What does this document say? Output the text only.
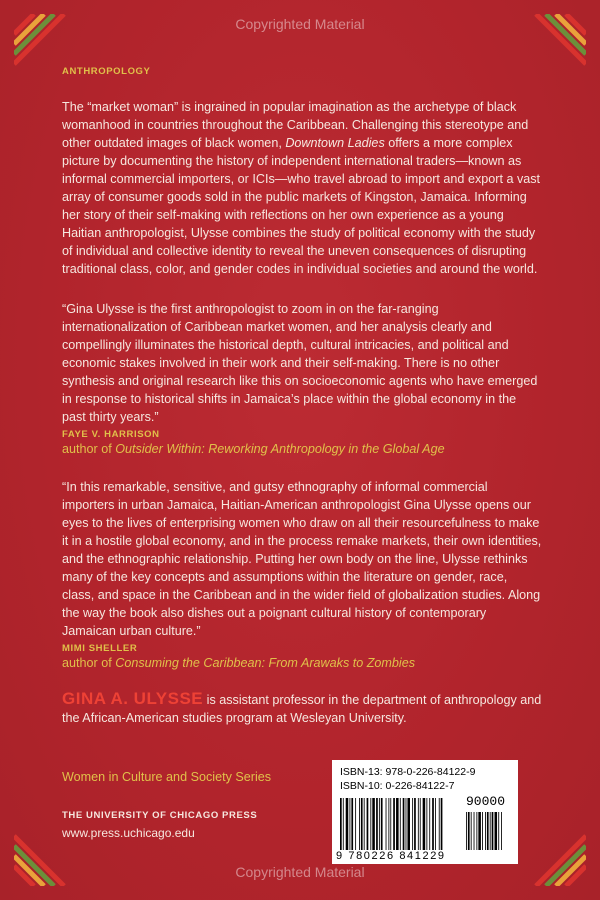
Copyrighted Material
ANTHROPOLOGY

The “market woman” is ingrained in popular imagination as the archetype of black womanhood in countries throughout the Caribbean. Challenging this stereotype and other outdated images of black women, Downtown Ladies offers a more complex picture by documenting the history of independent international traders—known as informal commercial importers, or ICIs—who travel abroad to import and export a vast array of consumer goods sold in the public markets of Kingston, Jamaica. Informing her story of their self-making with reflections on her own experience as a young Haitian anthropologist, Ulysse combines the study of political economy with the study of individual and collective identity to reveal the uneven consequences of disrupting traditional class, color, and gender codes in individual societies and around the world.

“Gina Ulysse is the first anthropologist to zoom in on the far-ranging internationalization of Caribbean market women, and her analysis clearly and compellingly illuminates the historical depth, cultural intricacies, and political and economic stakes involved in their work and their self-making. There is no other synthesis and original research like this on socioeconomic agents who have emerged in response to historical shifts in Jamaica’s place within the global economy in the past thirty years.”

FAYE V. HARRISON
author of Outsider Within: Reworking Anthropology in the Global Age

“In this remarkable, sensitive, and gutsy ethnography of informal commercial importers in urban Jamaica, Haitian-American anthropologist Gina Ulysse opens our eyes to the lives of enterprising women who draw on all their resourcefulness to make it in a hostile global economy, and in the process remake markets, their own identities, and the ethnographic relationship. Putting her own body on the line, Ulysse rethinks many of the key concepts and assumptions within the literature on gender, race, class, and space in the Caribbean and in the wider field of globalization studies. Along the way the book also dishes out a poignant cultural history of contemporary Jamaican urban culture.”

MIMI SHELLER
author of Consuming the Caribbean: From Arawaks to Zombies
GINA A. ULYSSE is assistant professor in the department of anthropology and the African-American studies program at Wesleyan University.
Women in Culture and Society Series
THE UNIVERSITY OF CHICAGO PRESS
www.press.uchicago.edu
ISBN-13: 978-0-226-84122-9
ISBN-10: 0-226-84122-7
90000
9 780226 841229
Copyrighted Material
